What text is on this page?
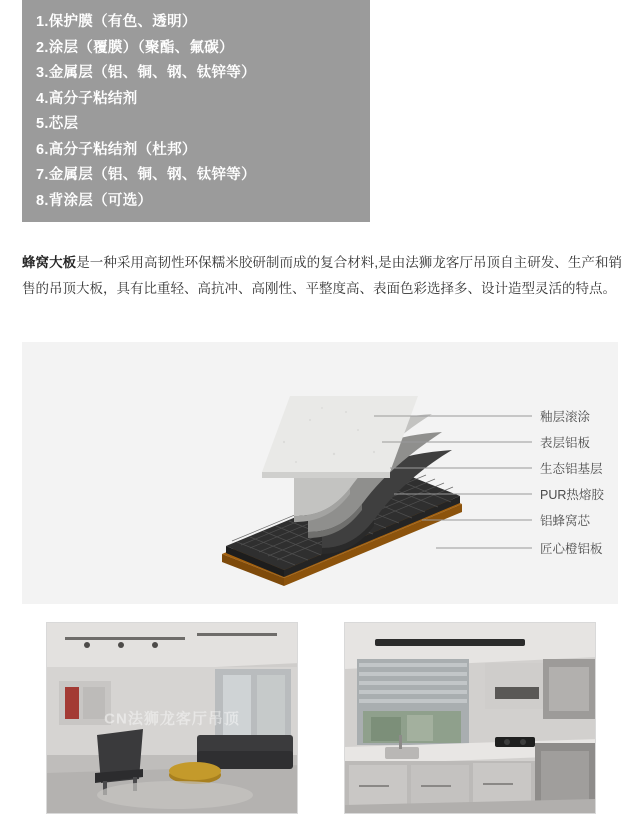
1.保护膜（有色、透明）
2.涂层（覆膜）（聚酯、氟碳）
3.金属层（铝、铜、钢、钛锌等）
4.高分子粘结剂
5.芯层
6.高分子粘结剂（杜邦）
7.金属层（铝、铜、钢、钛锌等）
8.背涂层（可选）
蜂窝大板是一种采用高韧性环保糯米胶研制而成的复合材料,是由法狮龙客厅吊顶自主研发、生产和销售的吊顶大板，具有比重轻、高抗冲、高刚性、平整度高、表面色彩选择多、设计造型灵活的特点。
釉层滚涂
表层铝板
生态铝基层
PUR热熔胶
铝蜂窝芯
匠心橙铝板
CN法狮龙客厅吊顶
